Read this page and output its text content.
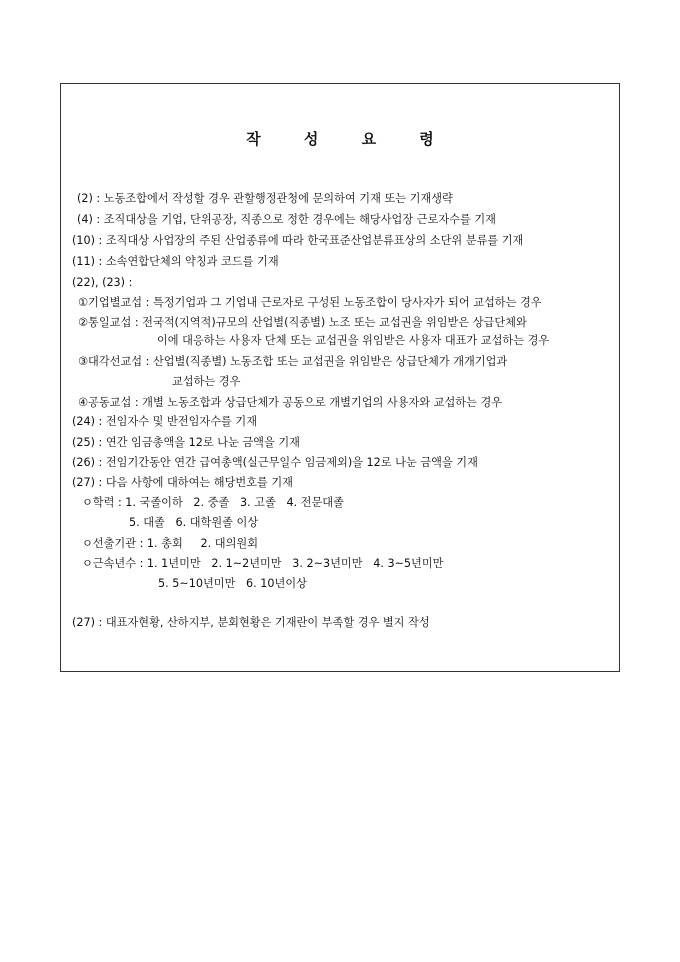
작 성 요 령
(2) : 노동조합에서 작성할 경우 관할행정관청에 문의하여 기재 또는 기재생략
(4) : 조직대상을 기업, 단위공장, 직종으로 정한 경우에는 해당사업장 근로자수를 기재
(10) : 조직대상 사업장의 주된 산업종류에 따라 한국표준산업분류표상의 소단위 분류를 기재
(11) : 소속연합단체의 약칭과 코드를 기재
(22), (23) :
①기업별교섭 : 특정기업과 그 기업내 근로자로 구성된 노동조합이 당사자가 되어 교섭하는 경우
②통일교섭 : 전국적(지역적)규모의 산업별(직종별) 노조 또는 교섭권을 위임받은 상급단체와
이에 대응하는 사용자 단체 또는 교섭권을 위임받은 사용자 대표가 교섭하는 경우
③대각선교섭 : 산업별(직종별) 노동조합 또는 교섭권을 위임받은 상급단체가 개개기업과
교섭하는 경우
④공동교섭 : 개별 노동조합과 상급단체가 공동으로 개별기업의 사용자와 교섭하는 경우
(24) : 전임자수 및 반전임자수를 기재
(25) : 연간 임금총액을 12로 나눈 금액을 기재
(26) : 전임기간동안 연간 급여총액(실근무일수 임금제외)을 12로 나눈 금액을 기재
(27) : 다음 사항에 대하여는 해당번호를 기재
ㅇ학력 : 1. 국졸이하   2. 중졸   3. 고졸   4. 전문대졸
5. 대졸   6. 대학원졸 이상
ㅇ선출기관 : 1. 총회     2. 대의원회
ㅇ근속년수 : 1. 1년미만   2. 1~2년미만   3. 2~3년미만   4. 3~5년미만
5. 5~10년미만   6. 10년이상
(27) : 대표자현황, 산하지부, 분회현황은 기재란이 부족할 경우 별지 작성
